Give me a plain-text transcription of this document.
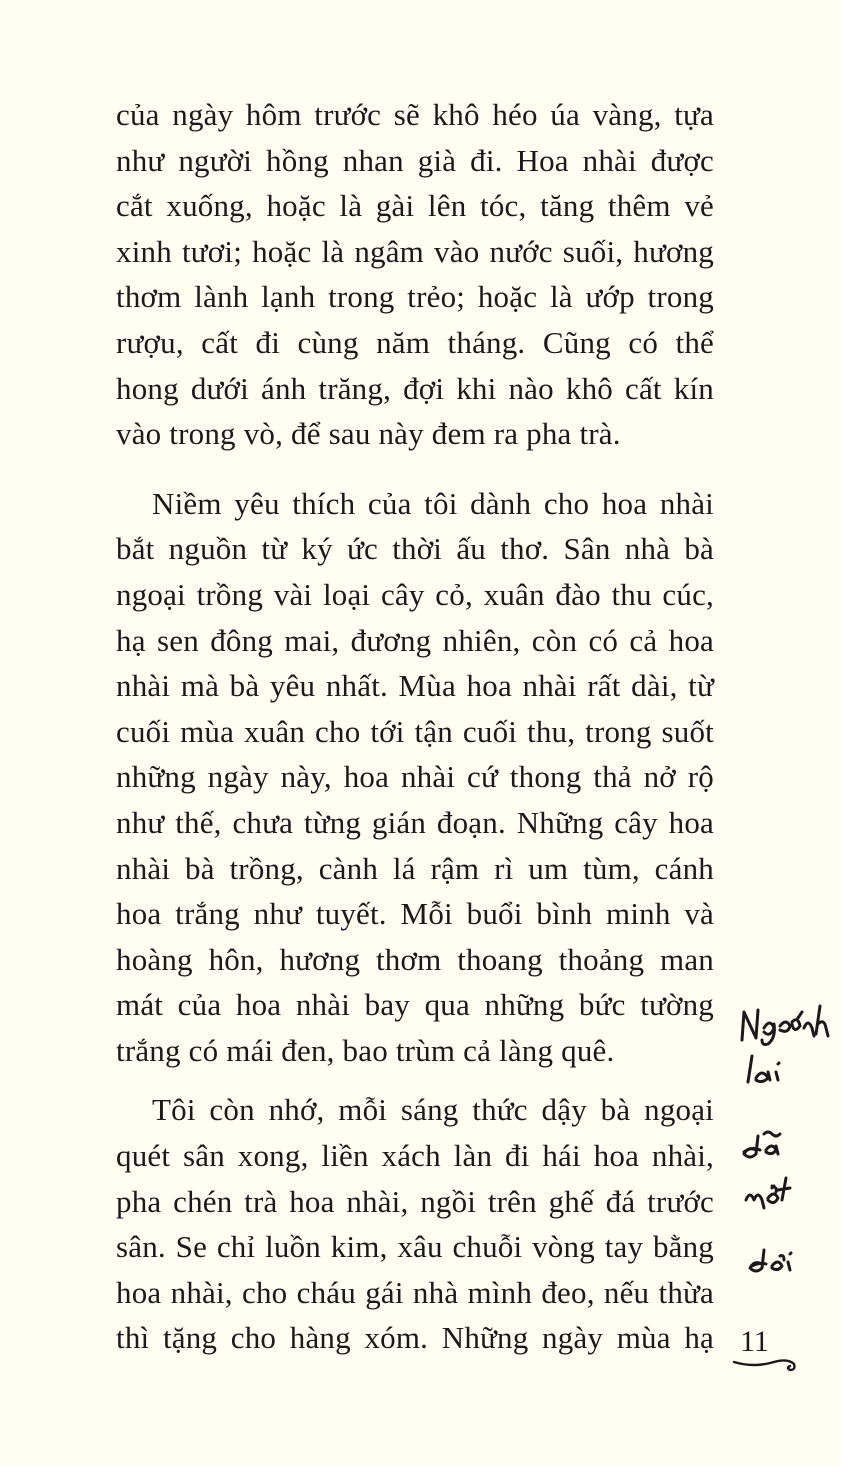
của ngày hôm trước sẽ khô héo úa vàng, tựa
như người hồng nhan già đi. Hoa nhài được
cắt xuống, hoặc là gài lên tóc, tăng thêm vẻ
xinh tươi; hoặc là ngâm vào nước suối, hương
thơm lành lạnh trong trẻo; hoặc là ướp trong
rượu, cất đi cùng năm tháng. Cũng có thể
hong dưới ánh trăng, đợi khi nào khô cất kín
vào trong vò, để sau này đem ra pha trà.
Niềm yêu thích của tôi dành cho hoa nhài
bắt nguồn từ ký ức thời ấu thơ. Sân nhà bà
ngoại trồng vài loại cây cỏ, xuân đào thu cúc,
hạ sen đông mai, đương nhiên, còn có cả hoa
nhài mà bà yêu nhất. Mùa hoa nhài rất dài, từ
cuối mùa xuân cho tới tận cuối thu, trong suốt
những ngày này, hoa nhài cứ thong thả nở rộ
như thế, chưa từng gián đoạn. Những cây hoa
nhài bà trồng, cành lá rậm rì um tùm, cánh
hoa trắng như tuyết. Mỗi buổi bình minh và
hoàng hôn, hương thơm thoang thoảng man
mát của hoa nhài bay qua những bức tường
trắng có mái đen, bao trùm cả làng quê.
Tôi còn nhớ, mỗi sáng thức dậy bà ngoại
quét sân xong, liền xách làn đi hái hoa nhài,
pha chén trà hoa nhài, ngồi trên ghế đá trước
sân. Se chỉ luồn kim, xâu chuỗi vòng tay bằng
hoa nhài, cho cháu gái nhà mình đeo, nếu thừa
thì tặng cho hàng xóm. Những ngày mùa hạ 11
